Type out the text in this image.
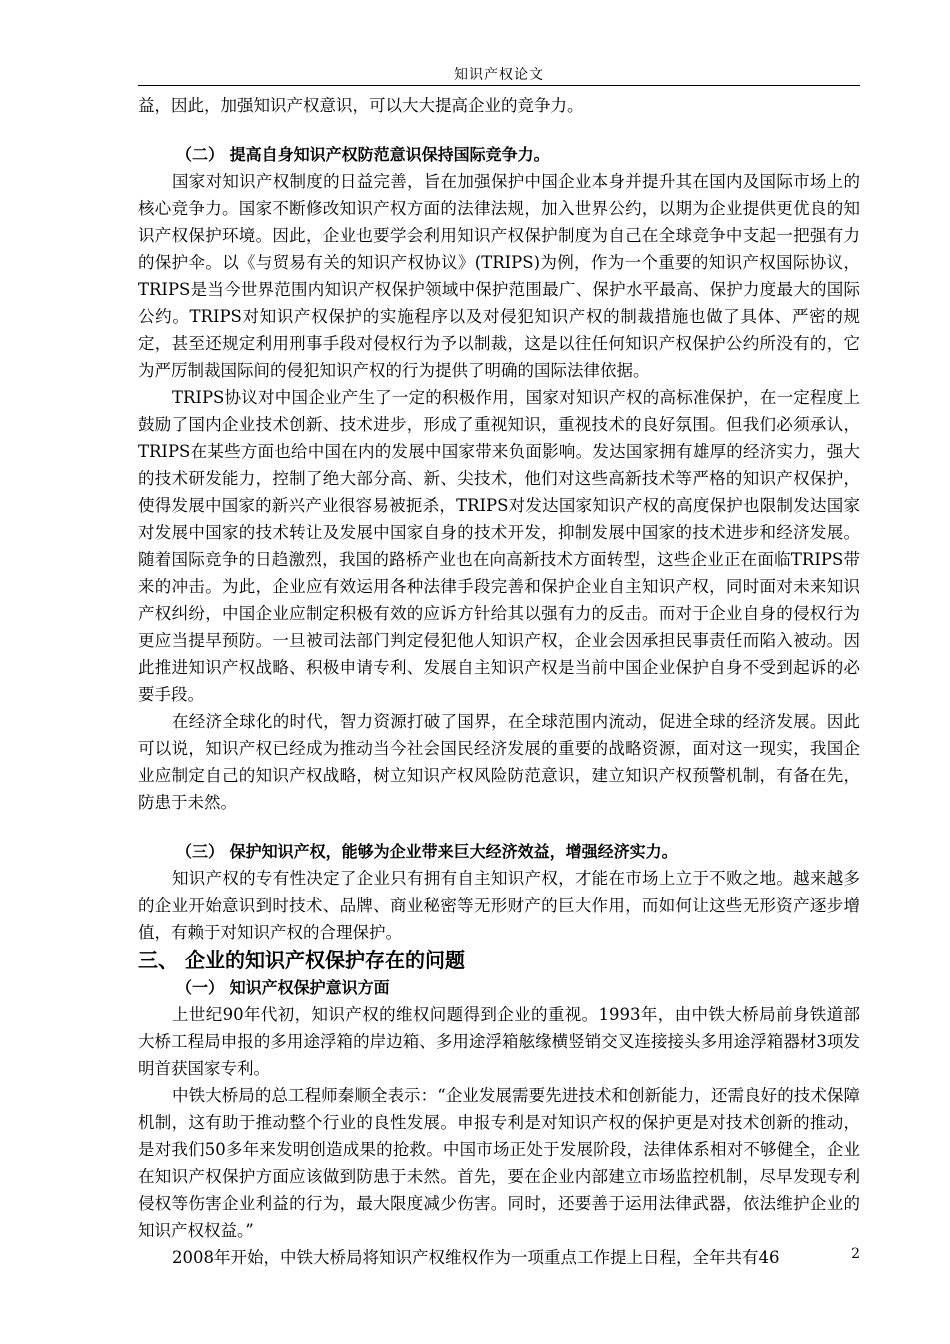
知识产权论文

益，因此，加强知识产权意识，可以大大提高企业的竞争力。

（二） 提高自身知识产权防范意识保持国际竞争力。

国家对知识产权制度的日益完善，旨在加强保护中国企业本身并提升其在国内及国际市场上的核心竞争力。国家不断修改知识产权方面的法律法规，加入世界公约，以期为企业提供更优良的知识产权保护环境。因此，企业也要学会利用知识产权保护制度为自己在全球竞争中支起一把强有力的保护伞。以《与贸易有关的知识产权协议》(TRIPS)为例，作为一个重要的知识产权国际协议，TRIPS是当今世界范围内知识产权保护领域中保护范围最广、保护水平最高、保护力度最大的国际公约。TRIPS对知识产权保护的实施程序以及对侵犯知识产权的制裁措施也做了具体、严密的规定，甚至还规定利用刑事手段对侵权行为予以制裁，这是以往任何知识产权保护公约所没有的，它为严厉制裁国际间的侵犯知识产权的行为提供了明确的国际法律依据。

TRIPS协议对中国企业产生了一定的积极作用，国家对知识产权的高标准保护，在一定程度上鼓励了国内企业技术创新、技术进步，形成了重视知识，重视技术的良好氛围。但我们必须承认，TRIPS在某些方面也给中国在内的发展中国家带来负面影响。发达国家拥有雄厚的经济实力，强大的技术研发能力，控制了绝大部分高、新、尖技术，他们对这些高新技术等严格的知识产权保护，使得发展中国家的新兴产业很容易被扼杀，TRIPS对发达国家知识产权的高度保护也限制发达国家对发展中国家的技术转让及发展中国家自身的技术开发，抑制发展中国家的技术进步和经济发展。随着国际竞争的日趋激烈，我国的路桥产业也在向高新技术方面转型，这些企业正在面临TRIPS带来的冲击。为此，企业应有效运用各种法律手段完善和保护企业自主知识产权，同时面对未来知识产权纠纷，中国企业应制定积极有效的应诉方针给其以强有力的反击。而对于企业自身的侵权行为更应当提早预防。一旦被司法部门判定侵犯他人知识产权，企业会因承担民事责任而陷入被动。因此推进知识产权战略、积极申请专利、发展自主知识产权是当前中国企业保护自身不受到起诉的必要手段。

在经济全球化的时代，智力资源打破了国界，在全球范围内流动，促进全球的经济发展。因此可以说，知识产权已经成为推动当今社会国民经济发展的重要的战略资源，面对这一现实，我国企业应制定自己的知识产权战略，树立知识产权风险防范意识，建立知识产权预警机制，有备在先，防患于未然。

（三） 保护知识产权，能够为企业带来巨大经济效益，增强经济实力。

知识产权的专有性决定了企业只有拥有自主知识产权，才能在市场上立于不败之地。越来越多的企业开始意识到时技术、品牌、商业秘密等无形财产的巨大作用，而如何让这些无形资产逐步增值，有赖于对知识产权的合理保护。

三、 企业的知识产权保护存在的问题

（一） 知识产权保护意识方面

上世纪90年代初，知识产权的维权问题得到企业的重视。1993年，由中铁大桥局前身铁道部大桥工程局申报的多用途浮箱的岸边箱、多用途浮箱舷缘横竖销交叉连接接头多用途浮箱器材3项发明首获国家专利。

中铁大桥局的总工程师秦顺全表示：“企业发展需要先进技术和创新能力，还需良好的技术保障机制，这有助于推动整个行业的良性发展。申报专利是对知识产权的保护更是对技术创新的推动，是对我们50多年来发明创造成果的抢救。中国市场正处于发展阶段，法律体系相对不够健全，企业在知识产权保护方面应该做到防患于未然。首先，要在企业内部建立市场监控机制，尽早发现专利侵权等伤害企业利益的行为，最大限度减少伤害。同时，还要善于运用法律武器，依法维护企业的知识产权权益。”

2008年开始，中铁大桥局将知识产权维权作为一项重点工作提上日程，全年共有46	2
